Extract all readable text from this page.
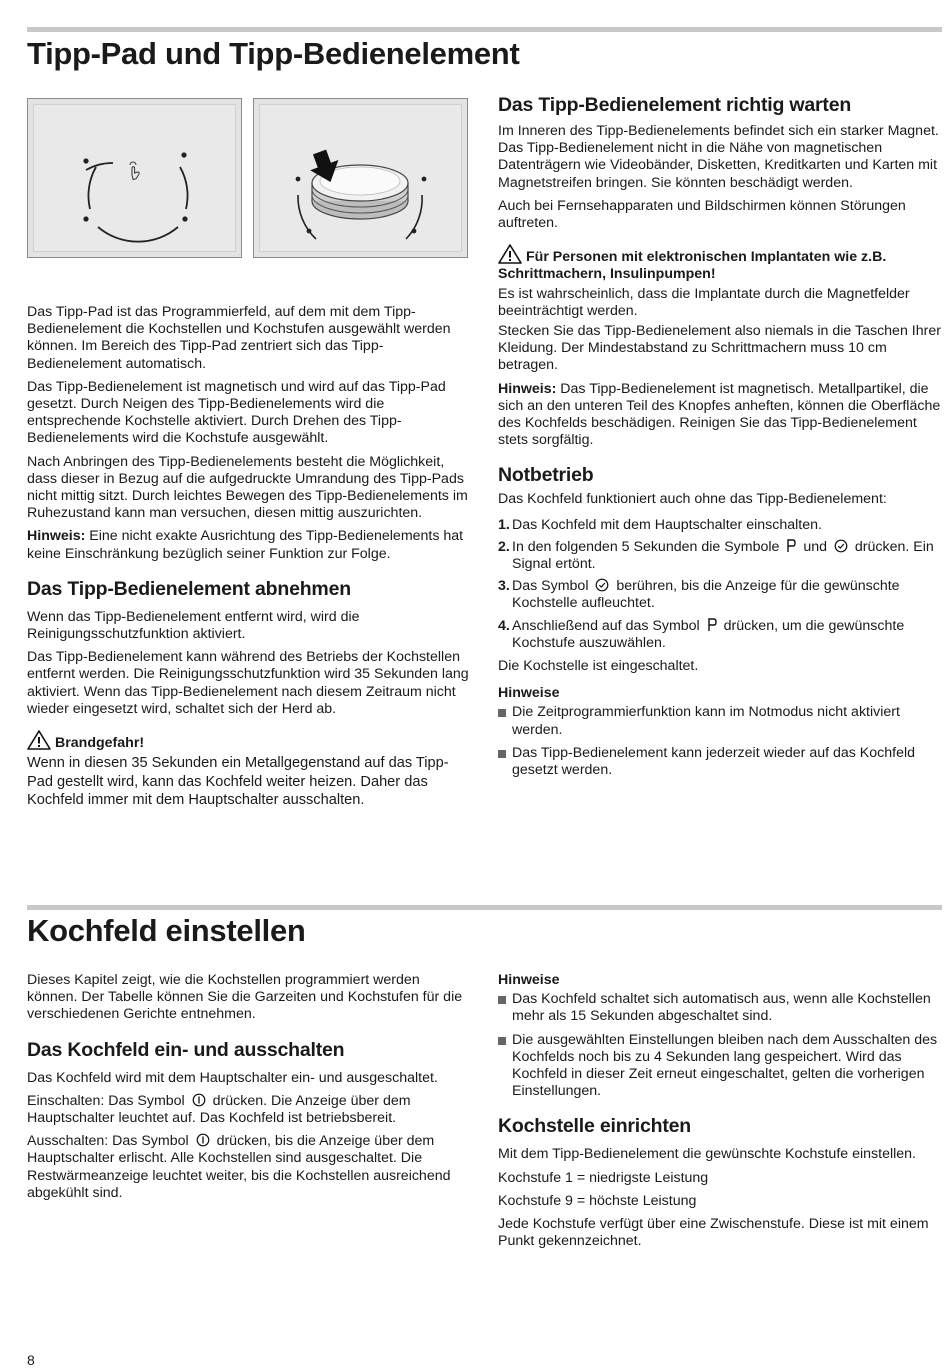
Tipp-Pad und Tipp-Bedienelement

Das Tipp-Pad ist das Programmierfeld, auf dem mit dem Tipp-Bedienelement die Kochstellen und Kochstufen ausgewählt werden können. Im Bereich des Tipp-Pad zentriert sich das Tipp-Bedienelement automatisch.

Das Tipp-Bedienelement ist magnetisch und wird auf das Tipp-Pad gesetzt. Durch Neigen des Tipp-Bedienelements wird die entsprechende Kochstelle aktiviert. Durch Drehen des Tipp-Bedienelements wird die Kochstufe ausgewählt.

Nach Anbringen des Tipp-Bedienelements besteht die Möglichkeit, dass dieser in Bezug auf die aufgedruckte Umrandung des Tipp-Pads nicht mittig sitzt. Durch leichtes Bewegen des Tipp-Bedienelements im Ruhezustand kann man versuchen, diesen mittig auszurichten.

Hinweis: Eine nicht exakte Ausrichtung des Tipp-Bedienelements hat keine Einschränkung bezüglich seiner Funktion zur Folge.

Das Tipp-Bedienelement abnehmen

Wenn das Tipp-Bedienelement entfernt wird, wird die Reinigungsschutzfunktion aktiviert.

Das Tipp-Bedienelement kann während des Betriebs der Kochstellen entfernt werden. Die Reinigungsschutzfunktion wird 35 Sekunden lang aktiviert. Wenn das Tipp-Bedienelement nach diesem Zeitraum nicht wieder eingesetzt wird, schaltet sich der Herd ab.

Brandgefahr!

Wenn in diesen 35 Sekunden ein Metallgegenstand auf das Tipp-Pad gestellt wird, kann das Kochfeld weiter heizen. Daher das Kochfeld immer mit dem Hauptschalter ausschalten.

Das Tipp-Bedienelement richtig warten

Im Inneren des Tipp-Bedienelements befindet sich ein starker Magnet. Das Tipp-Bedienelement nicht in die Nähe von magnetischen Datenträgern wie Videobänder, Disketten, Kreditkarten und Karten mit Magnetstreifen bringen. Sie könnten beschädigt werden.

Auch bei Fernsehapparaten und Bildschirmen können Störungen auftreten.

Für Personen mit elektronischen Implantaten wie z.B. Schrittmachern, Insulinpumpen!

Es ist wahrscheinlich, dass die Implantate durch die Magnetfelder beeinträchtigt werden.

Stecken Sie das Tipp-Bedienelement also niemals in die Taschen Ihrer Kleidung. Der Mindestabstand zu Schrittmachern muss 10 cm betragen.

Hinweis: Das Tipp-Bedienelement ist magnetisch. Metallpartikel, die sich an den unteren Teil des Knopfes anheften, können die Oberfläche des Kochfelds beschädigen. Reinigen Sie das Tipp-Bedienelement stets sorgfältig.

Notbetrieb

Das Kochfeld funktioniert auch ohne das Tipp-Bedienelement:

1. Das Kochfeld mit dem Hauptschalter einschalten.
2. In den folgenden 5 Sekunden die Symbole und drücken. Ein Signal ertönt.
3. Das Symbol berühren, bis die Anzeige für die gewünschte Kochstelle aufleuchtet.
4. Anschließend auf das Symbol drücken, um die gewünschte Kochstufe auszuwählen.

Die Kochstelle ist eingeschaltet.

Hinweise
Die Zeitprogrammierfunktion kann im Notmodus nicht aktiviert werden.
Das Tipp-Bedienelement kann jederzeit wieder auf das Kochfeld gesetzt werden.
Kochfeld einstellen

Dieses Kapitel zeigt, wie die Kochstellen programmiert werden können. Der Tabelle können Sie die Garzeiten und Kochstufen für die verschiedenen Gerichte entnehmen.

Das Kochfeld ein- und ausschalten

Das Kochfeld wird mit dem Hauptschalter ein- und ausgeschaltet.

Einschalten: Das Symbol drücken. Die Anzeige über dem Hauptschalter leuchtet auf. Das Kochfeld ist betriebsbereit.

Ausschalten: Das Symbol drücken, bis die Anzeige über dem Hauptschalter erlischt. Alle Kochstellen sind ausgeschaltet. Die Restwärmeanzeige leuchtet weiter, bis die Kochstellen ausreichend abgekühlt sind.

Hinweise
Das Kochfeld schaltet sich automatisch aus, wenn alle Kochstellen mehr als 15 Sekunden abgeschaltet sind.
Die ausgewählten Einstellungen bleiben nach dem Ausschalten des Kochfelds noch bis zu 4 Sekunden lang gespeichert. Wird das Kochfeld in dieser Zeit erneut eingeschaltet, gelten die vorherigen Einstellungen.
Kochstelle einrichten

Mit dem Tipp-Bedienelement die gewünschte Kochstufe einstellen.

Kochstufe 1 = niedrigste Leistung

Kochstufe 9 = höchste Leistung

Jede Kochstufe verfügt über eine Zwischenstufe. Diese ist mit einem Punkt gekennzeichnet.

8
